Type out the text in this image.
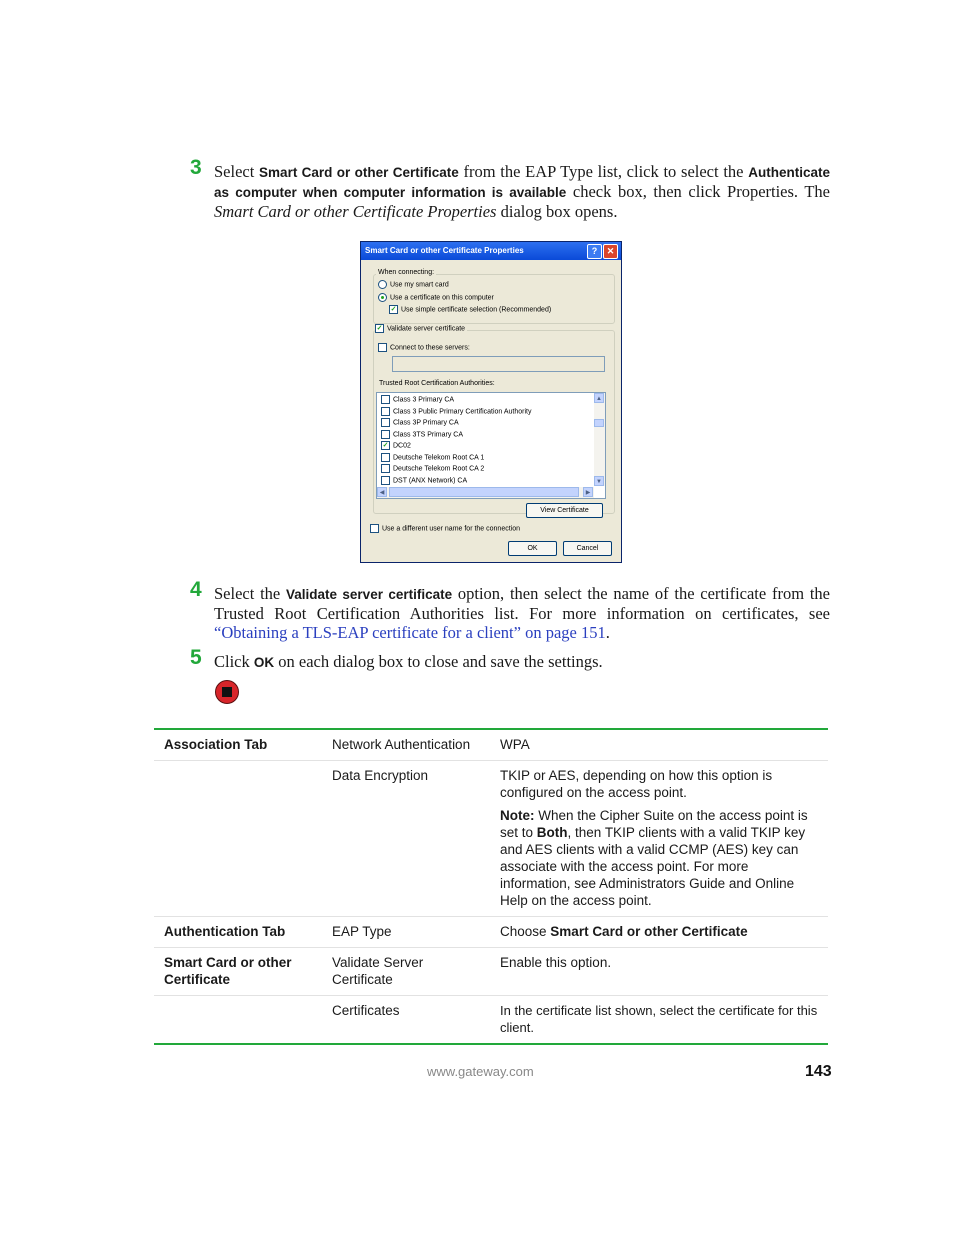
3 Select Smart Card or other Certificate from the EAP Type list, click to select the Authenticate as computer when computer information is available check box, then click Properties. The Smart Card or other Certificate Properties dialog box opens.
Smart Card or other Certificate Properties	?	✕
When connecting:
Use my smart card
Use a certificate on this computer
✓ Use simple certificate selection (Recommended)
✓ Validate server certificate
Connect to these servers:
Trusted Root Certification Authorities:
Class 3 Primary CA
Class 3 Public Primary Certification Authority
Class 3P Primary CA
Class 3TS Primary CA
✓ DC02
Deutsche Telekom Root CA 1
Deutsche Telekom Root CA 2
DST (ANX Network) CA
▲
▼
◀	▶
View Certificate
Use a different user name for the connection
OK	Cancel
4 Select the Validate server certificate option, then select the name of the certificate from the Trusted Root Certification Authorities list. For more information on certificates, see “Obtaining a TLS-EAP certificate for a client” on page 151.
5 Click OK on each dialog box to close and save the settings.
Association Tab	Network Authentication	WPA
	Data Encryption	TKIP or AES, depending on how this option is configured on the access point.

Note: When the Cipher Suite on the access point is set to Both, then TKIP clients with a valid TKIP key and AES clients with a valid CCMP (AES) key can associate with the access point. For more information, see Administrators Guide and Online Help on the access point.

Authentication Tab	EAP Type	Choose Smart Card or other Certificate
Smart Card or other Certificate	Validate Server Certificate	Enable this option.
	Certificates	In the certificate list shown, select the certificate for this client.
www.gateway.com	143
